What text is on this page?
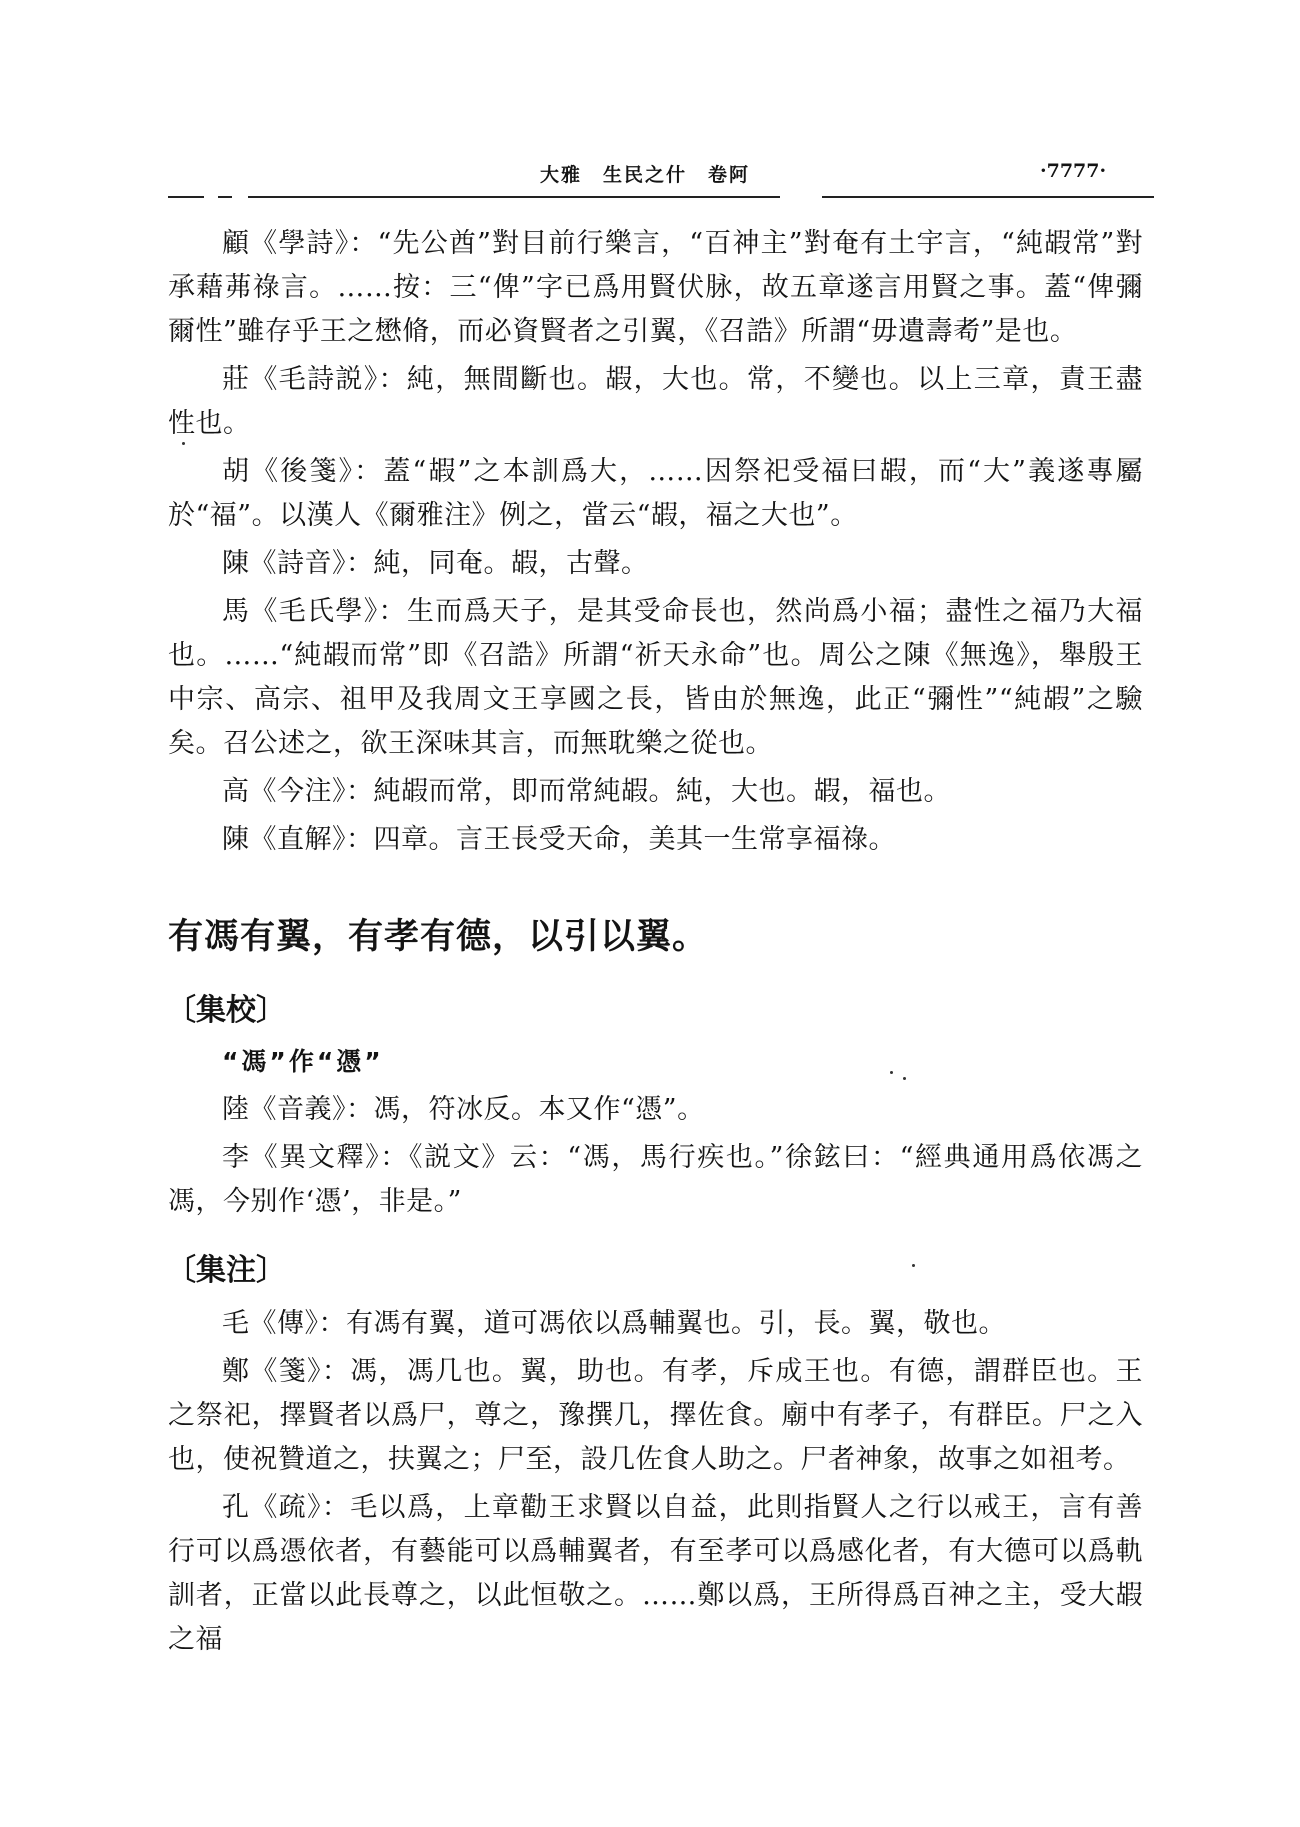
大雅　生民之什　卷阿	·7777·

顧《學詩》：“先公酋”對目前行樂言，“百神主”對奄有土宇言，“純嘏常”對承藉茀祿言。……按：三“俾”字已爲用賢伏脉，故五章遂言用賢之事。蓋“俾彌爾性”雖存乎王之懋脩，而必資賢者之引翼，《召誥》所謂“毋遺壽耇”是也。

莊《毛詩説》：純，無間斷也。嘏，大也。常，不變也。以上三章，責王盡性也。

胡《後箋》：蓋“嘏”之本訓爲大，……因祭祀受福曰嘏，而“大”義遂專屬於“福”。以漢人《爾雅注》例之，當云“嘏，福之大也”。

陳《詩音》：純，同奄。嘏，古聲。

馬《毛氏學》：生而爲天子，是其受命長也，然尚爲小福；盡性之福乃大福也。……“純嘏而常”即《召誥》所謂“祈天永命”也。周公之陳《無逸》，舉殷王中宗、高宗、祖甲及我周文王享國之長，皆由於無逸，此正“彌性”“純嘏”之驗矣。召公述之，欲王深味其言，而無耽樂之從也。

高《今注》：純嘏而常，即而常純嘏。純，大也。嘏，福也。

陳《直解》：四章。言王長受天命，美其一生常享福祿。

有馮有翼，有孝有德，以引以翼。
〔集校〕
“馮”作“憑”

陸《音義》：馮，符冰反。本又作“憑”。

李《異文釋》：《説文》云：“馮，馬行疾也。”徐鉉曰：“經典通用爲依馮之馮，今别作‘憑’，非是。”

〔集注〕

毛《傳》：有馮有翼，道可馮依以爲輔翼也。引，長。翼，敬也。

鄭《箋》：馮，馮几也。翼，助也。有孝，斥成王也。有德，謂群臣也。王之祭祀，擇賢者以爲尸，尊之，豫撰几，擇佐食。廟中有孝子，有群臣。尸之入也，使祝贊道之，扶翼之；尸至，設几佐食人助之。尸者神象，故事之如祖考。

孔《疏》：毛以爲，上章勸王求賢以自益，此則指賢人之行以戒王，言有善行可以爲憑依者，有藝能可以爲輔翼者，有至孝可以爲感化者，有大德可以爲軌訓者，正當以此長尊之，以此恒敬之。……鄭以爲，王所得爲百神之主，受大嘏之福
